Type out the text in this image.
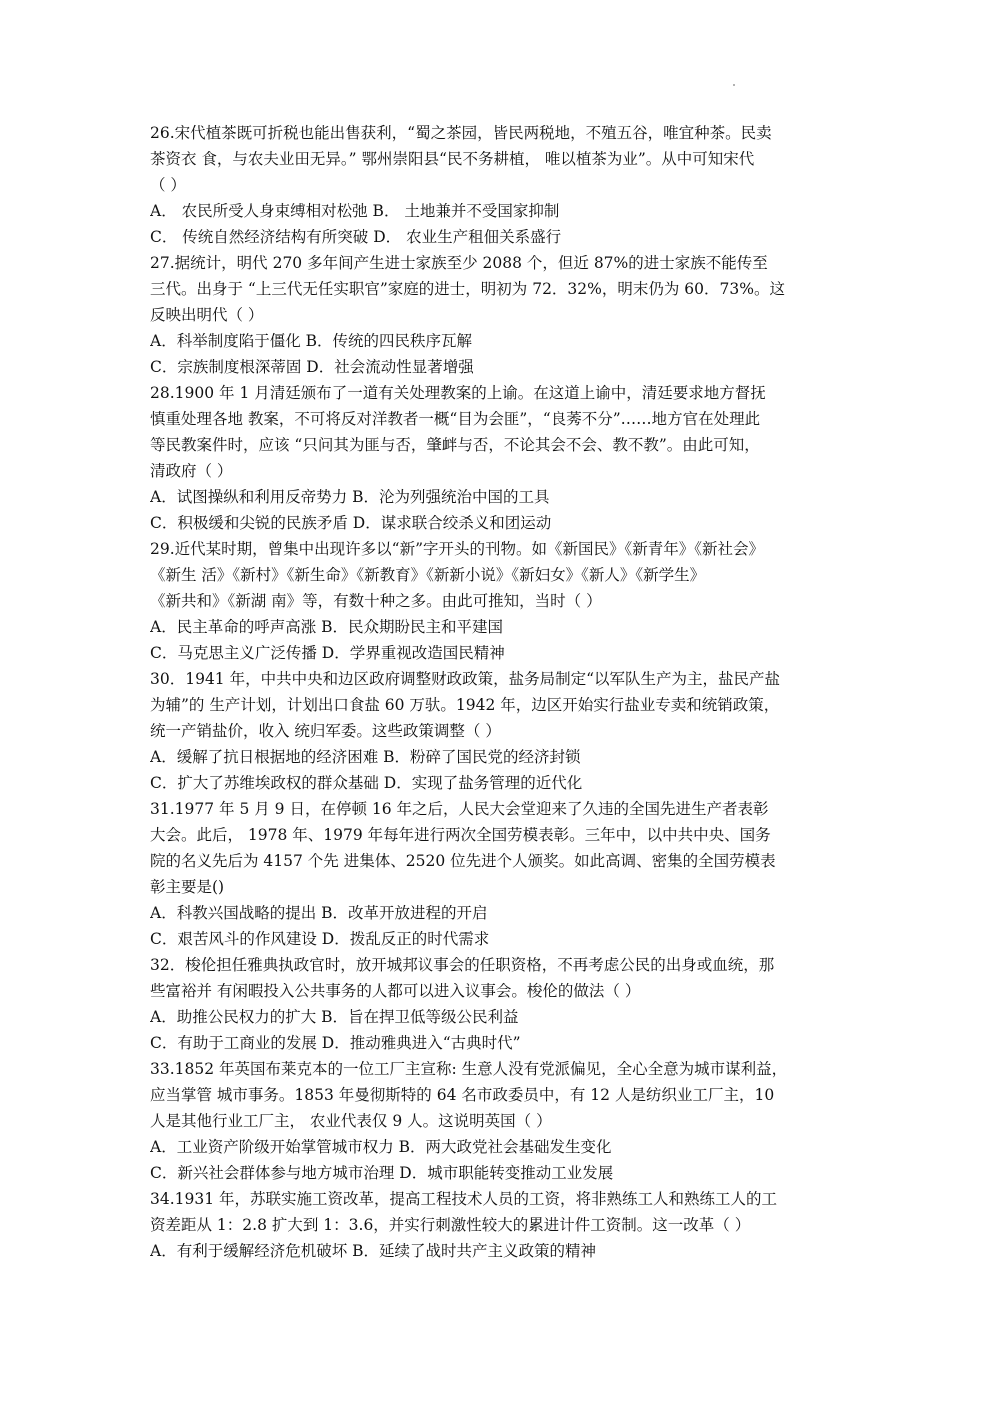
26.宋代植茶既可折税也能出售获利，“蜀之茶园，皆民两税地，不殖五谷，唯宜种茶。民卖
茶资衣 食，与农夫业田无异。” 鄂州崇阳县“民不务耕植， 唯以植茶为业”。从中可知宋代
（ ）
A． 农民所受人身束缚相对松弛 B． 土地兼并不受国家抑制
C． 传统自然经济结构有所突破 D． 农业生产租佃关系盛行
27.据统计，明代 270 多年间产生进士家族至少 2088 个，但近 87%的进士家族不能传至
三代。出身于 “上三代无任实职官”家庭的进士，明初为 72．32%，明末仍为 60．73%。这
反映出明代（ ）
A．科举制度陷于僵化 B．传统的四民秩序瓦解
C．宗族制度根深蒂固 D．社会流动性显著增强
28.1900 年 1 月清廷颁布了一道有关处理教案的上谕。在这道上谕中，清廷要求地方督抚
慎重处理各地 教案，不可将反对洋教者一概“目为会匪”，“良莠不分”……地方官在处理此
等民教案件时，应该 “只问其为匪与否，肇衅与否，不论其会不会、教不教”。由此可知，
清政府（ ）
A．试图操纵和利用反帝势力 B．沦为列强统治中国的工具
C．积极缓和尖锐的民族矛盾 D．谋求联合绞杀义和团运动
29.近代某时期，曾集中出现许多以“新”字开头的刊物。如《新国民》《新青年》《新社会》
《新生 活》《新村》《新生命》《新教育》《新新小说》《新妇女》《新人》《新学生》
《新共和》《新湖 南》等，有数十种之多。由此可推知，当时（ ）
A．民主革命的呼声高涨 B．民众期盼民主和平建国
C．马克思主义广泛传播 D．学界重视改造国民精神
30．1941 年，中共中央和边区政府调整财政政策，盐务局制定“以军队生产为主，盐民产盐
为辅”的 生产计划，计划出口食盐 60 万驮。1942 年，边区开始实行盐业专卖和统销政策，
统一产销盐价，收入 统归军委。这些政策调整（ ）
A．缓解了抗日根据地的经济困难 B．粉碎了国民党的经济封锁
C．扩大了苏维埃政权的群众基础 D．实现了盐务管理的近代化
31.1977 年 5 月 9 日，在停顿 16 年之后，人民大会堂迎来了久违的全国先进生产者表彰
大会。此后， 1978 年、1979 年每年进行两次全国劳模表彰。三年中，以中共中央、国务
院的名义先后为 4157 个先 进集体、2520 位先进个人颁奖。如此高调、密集的全国劳模表
彰主要是()
A．科教兴国战略的提出 B．改革开放进程的开启
C．艰苦风斗的作风建设 D．拨乱反正的时代需求
32．梭伦担任雅典执政官时，放开城邦议事会的任职资格，不再考虑公民的出身或血统，那
些富裕并 有闲暇投入公共事务的人都可以进入议事会。梭伦的做法（ ）
A．助推公民权力的扩大 B．旨在捍卫低等级公民利益
C．有助于工商业的发展 D．推动雅典进入“古典时代”
33.1852 年英国布莱克本的一位工厂主宣称: 生意人没有党派偏见，全心全意为城市谋利益，
应当掌管 城市事务。1853 年曼彻斯特的 64 名市政委员中，有 12 人是纺织业工厂主，10
人是其他行业工厂主， 农业代表仅 9 人。这说明英国（ ）
A．工业资产阶级开始掌管城市权力 B．两大政党社会基础发生变化
C．新兴社会群体参与地方城市治理 D．城市职能转变推动工业发展
34.1931 年，苏联实施工资改革，提高工程技术人员的工资，将非熟练工人和熟练工人的工
资差距从 1：2.8 扩大到 1：3.6，并实行刺激性较大的累进计件工资制。这一改革（ ）
A．有利于缓解经济危机破坏 B．延续了战时共产主义政策的精神
